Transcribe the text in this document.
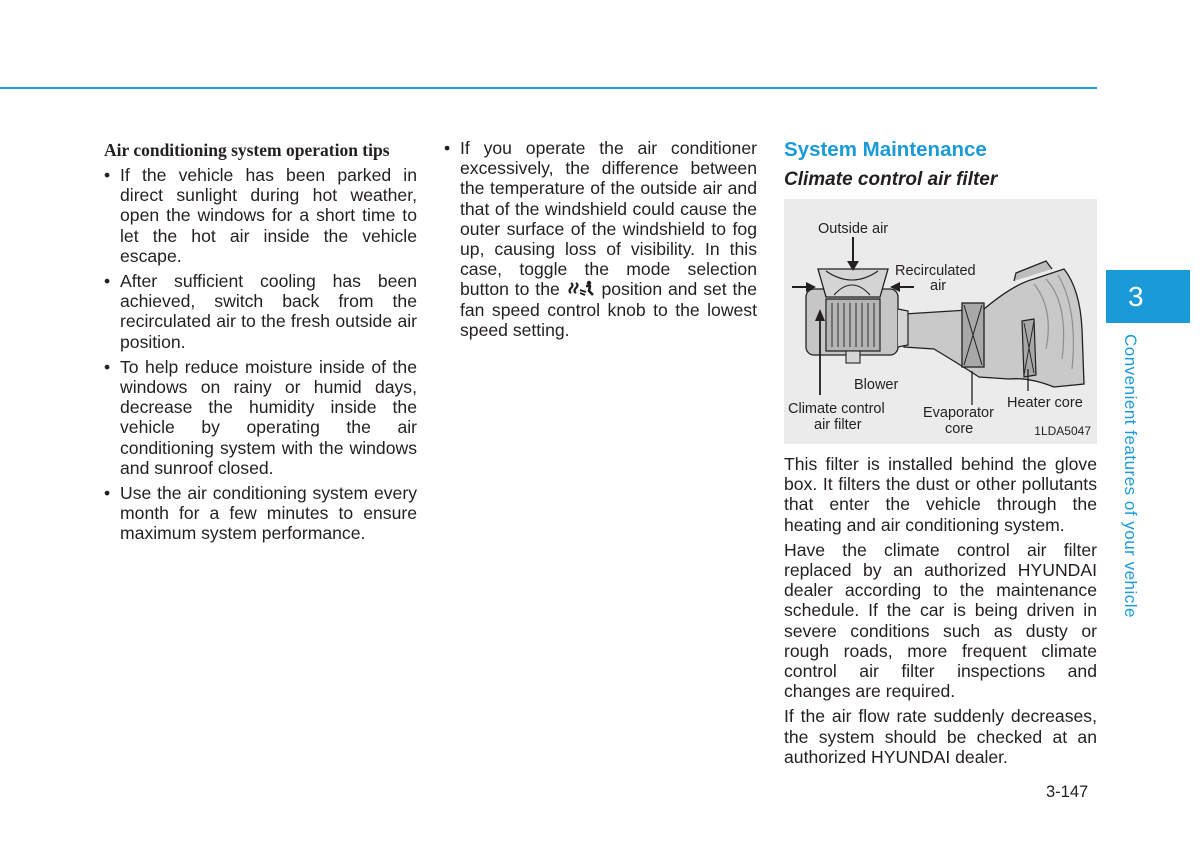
Air conditioning system operation tips
• If the vehicle has been parked in direct sunlight during hot weather, open the windows for a short time to let the hot air inside the vehicle escape.
• After sufficient cooling has been achieved, switch back from the recirculated air to the fresh outside air position.
• To help reduce moisture inside of the windows on rainy or humid days, decrease the humidity inside the vehicle by operating the air conditioning system with the windows and sunroof closed.
• Use the air conditioning system every month for a few minutes to ensure maximum system performance.
• If you operate the air conditioner excessively, the difference between the temperature of the outside air and that of the windshield could cause the outer surface of the windshield to fog up, causing loss of visibility. In this case, toggle the mode selection button to the position and set the fan speed control knob to the lowest speed setting.
System Maintenance
Climate control air filter
Outside air
Recirculated
air
Blower
Climate control
air filter
Evaporator
core
Heater core
1LDA5047
This filter is installed behind the glove box. It filters the dust or other pollutants that enter the vehicle through the heating and air conditioning system.
Have the climate control air filter replaced by an authorized HYUNDAI dealer according to the maintenance schedule. If the car is being driven in severe conditions such as dusty or rough roads, more frequent climate control air filter inspections and changes are required.
If the air flow rate suddenly decreases, the system should be checked at an authorized HYUNDAI dealer.
3
Convenient features of your vehicle
3-147
